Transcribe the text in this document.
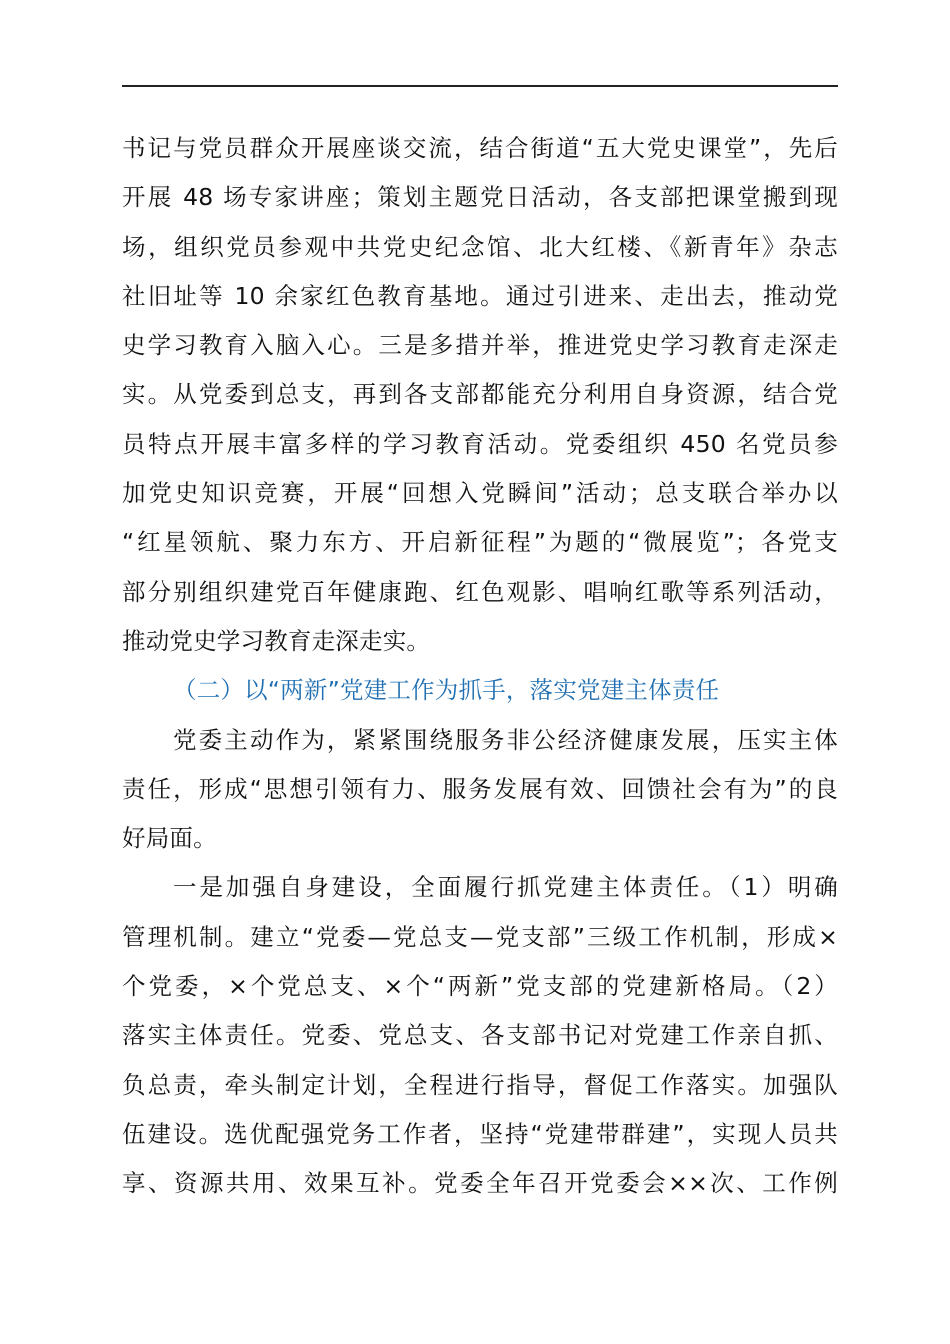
书记与党员群众开展座谈交流，结合街道“五大党史课堂”，先后
开展 48 场专家讲座；策划主题党日活动，各支部把课堂搬到现
场，组织党员参观中共党史纪念馆、北大红楼、《新青年》杂志
社旧址等 10 余家红色教育基地。通过引进来、走出去，推动党
史学习教育入脑入心。三是多措并举，推进党史学习教育走深走
实。从党委到总支，再到各支部都能充分利用自身资源，结合党
员特点开展丰富多样的学习教育活动。党委组织 450 名党员参
加党史知识竞赛，开展“回想入党瞬间”活动；总支联合举办以
“红星领航、聚力东方、开启新征程”为题的“微展览”；各党支
部分别组织建党百年健康跑、红色观影、唱响红歌等系列活动，
推动党史学习教育走深走实。
（二）以“两新”党建工作为抓手，落实党建主体责任
党委主动作为，紧紧围绕服务非公经济健康发展，压实主体
责任，形成“思想引领有力、服务发展有效、回馈社会有为”的良
好局面。
一是加强自身建设，全面履行抓党建主体责任。（1）明确
管理机制。建立“党委—党总支—党支部”三级工作机制，形成×
个党委，×个党总支、×个“两新”党支部的党建新格局。（2）
落实主体责任。党委、党总支、各支部书记对党建工作亲自抓、
负总责，牵头制定计划，全程进行指导，督促工作落实。加强队
伍建设。选优配强党务工作者，坚持“党建带群建”，实现人员共
享、资源共用、效果互补。党委全年召开党委会××次、工作例
